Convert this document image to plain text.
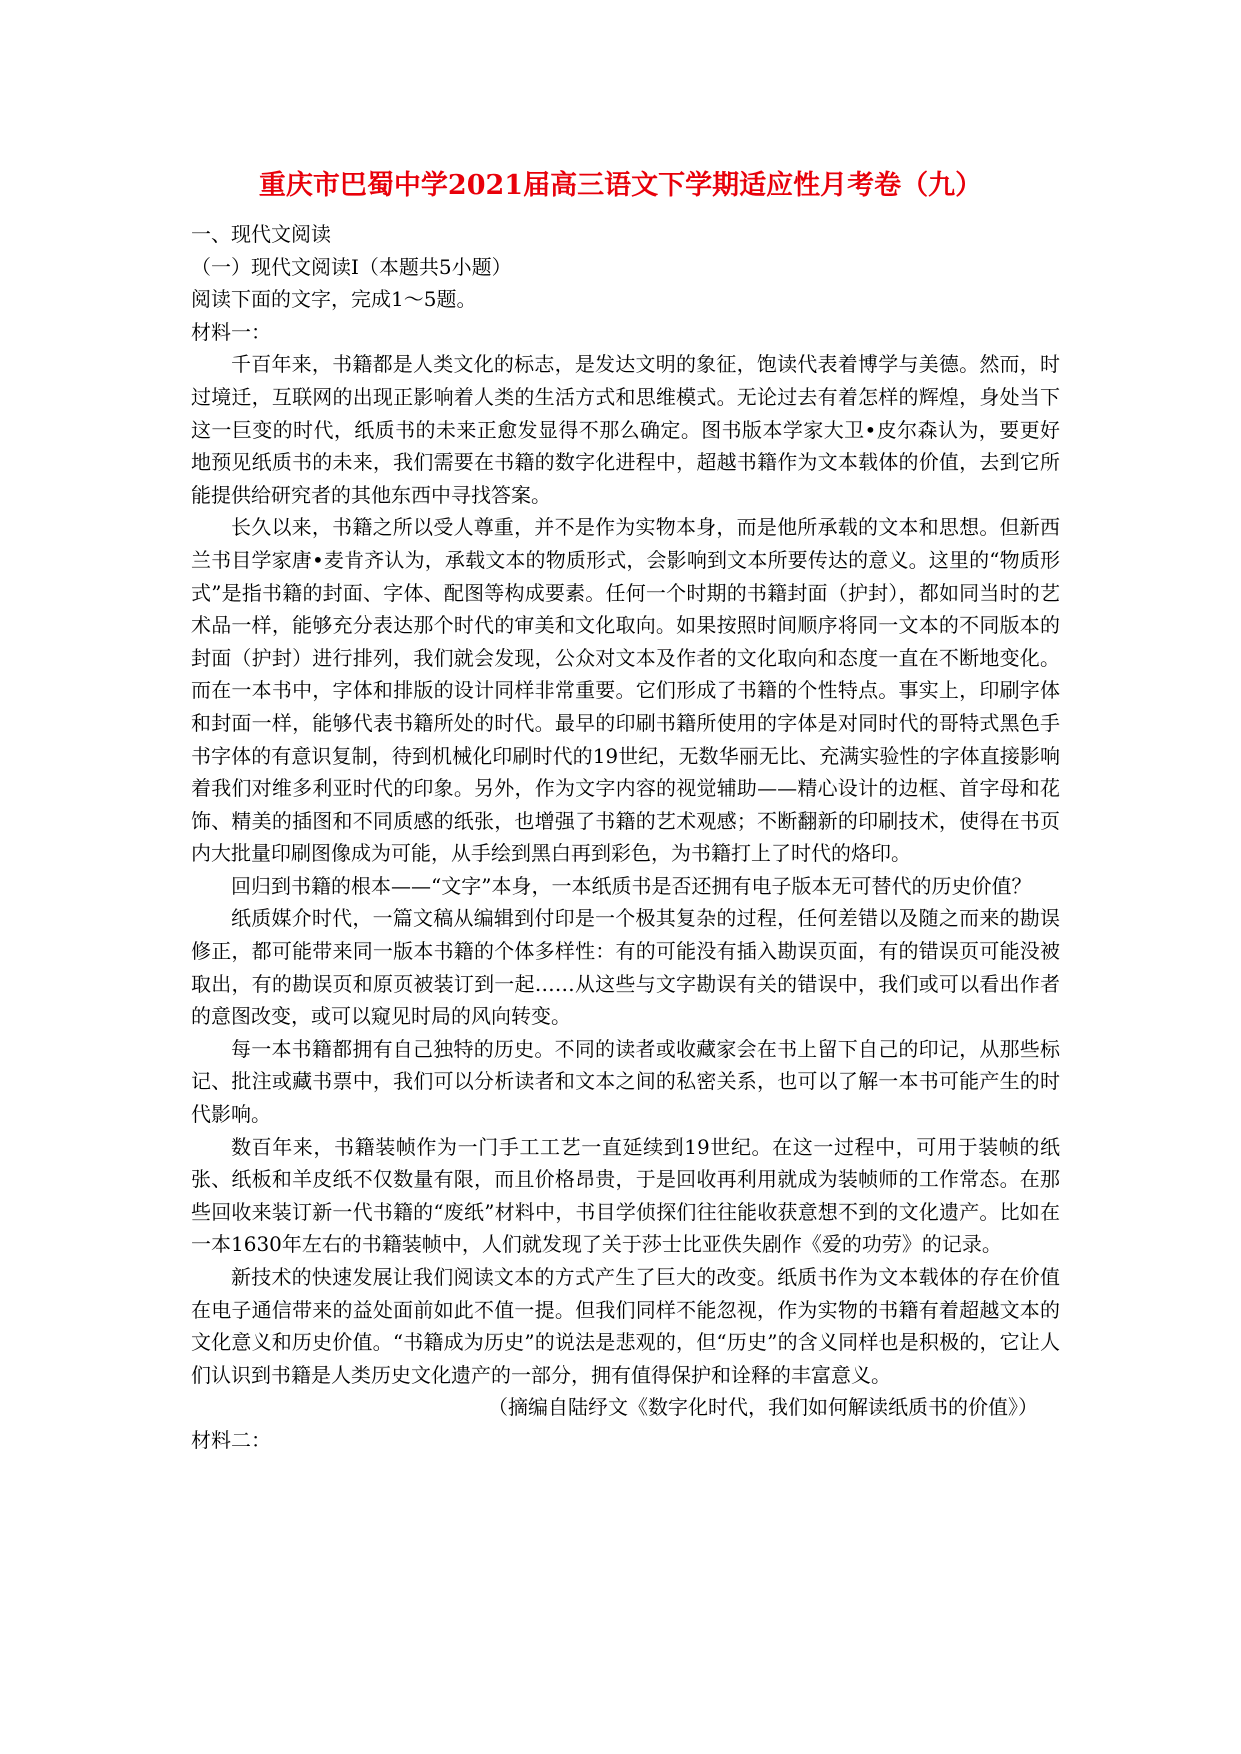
重庆市巴蜀中学2021届高三语文下学期适应性月考卷（九）

一、现代文阅读

（一）现代文阅读Ⅰ（本题共5小题）

阅读下面的文字，完成1～5题。

材料一：

千百年来，书籍都是人类文化的标志，是发达文明的象征，饱读代表着博学与美德。然而，时过境迁，互联网的出现正影响着人类的生活方式和思维模式。无论过去有着怎样的辉煌，身处当下这一巨变的时代，纸质书的未来正愈发显得不那么确定。图书版本学家大卫•皮尔森认为，要更好地预见纸质书的未来，我们需要在书籍的数字化进程中，超越书籍作为文本载体的价值，去到它所能提供给研究者的其他东西中寻找答案。

长久以来，书籍之所以受人尊重，并不是作为实物本身，而是他所承载的文本和思想。但新西兰书目学家唐•麦肯齐认为，承载文本的物质形式，会影响到文本所要传达的意义。这里的“物质形式”是指书籍的封面、字体、配图等构成要素。任何一个时期的书籍封面（护封），都如同当时的艺术品一样，能够充分表达那个时代的审美和文化取向。如果按照时间顺序将同一文本的不同版本的封面（护封）进行排列，我们就会发现，公众对文本及作者的文化取向和态度一直在不断地变化。而在一本书中，字体和排版的设计同样非常重要。它们形成了书籍的个性特点。事实上，印刷字体和封面一样，能够代表书籍所处的时代。最早的印刷书籍所使用的字体是对同时代的哥特式黑色手书字体的有意识复制，待到机械化印刷时代的19世纪，无数华丽无比、充满实验性的字体直接影响着我们对维多利亚时代的印象。另外，作为文字内容的视觉辅助——精心设计的边框、首字母和花饰、精美的插图和不同质感的纸张，也增强了书籍的艺术观感；不断翻新的印刷技术，使得在书页内大批量印刷图像成为可能，从手绘到黑白再到彩色，为书籍打上了时代的烙印。

回归到书籍的根本——“文字”本身，一本纸质书是否还拥有电子版本无可替代的历史价值？

纸质媒介时代，一篇文稿从编辑到付印是一个极其复杂的过程，任何差错以及随之而来的勘误修正，都可能带来同一版本书籍的个体多样性：有的可能没有插入勘误页面，有的错误页可能没被取出，有的勘误页和原页被装订到一起……从这些与文字勘误有关的错误中，我们或可以看出作者的意图改变，或可以窥见时局的风向转变。

每一本书籍都拥有自己独特的历史。不同的读者或收藏家会在书上留下自己的印记，从那些标记、批注或藏书票中，我们可以分析读者和文本之间的私密关系，也可以了解一本书可能产生的时代影响。

数百年来，书籍装帧作为一门手工工艺一直延续到19世纪。在这一过程中，可用于装帧的纸张、纸板和羊皮纸不仅数量有限，而且价格昂贵，于是回收再利用就成为装帧师的工作常态。在那些回收来装订新一代书籍的“废纸”材料中，书目学侦探们往往能收获意想不到的文化遗产。比如在一本1630年左右的书籍装帧中，人们就发现了关于莎士比亚佚失剧作《爱的功劳》的记录。

新技术的快速发展让我们阅读文本的方式产生了巨大的改变。纸质书作为文本载体的存在价值在电子通信带来的益处面前如此不值一提。但我们同样不能忽视，作为实物的书籍有着超越文本的文化意义和历史价值。“书籍成为历史”的说法是悲观的，但“历史”的含义同样也是积极的，它让人们认识到书籍是人类历史文化遗产的一部分，拥有值得保护和诠释的丰富意义。

（摘编自陆纾文《数字化时代，我们如何解读纸质书的价值》）

材料二：
